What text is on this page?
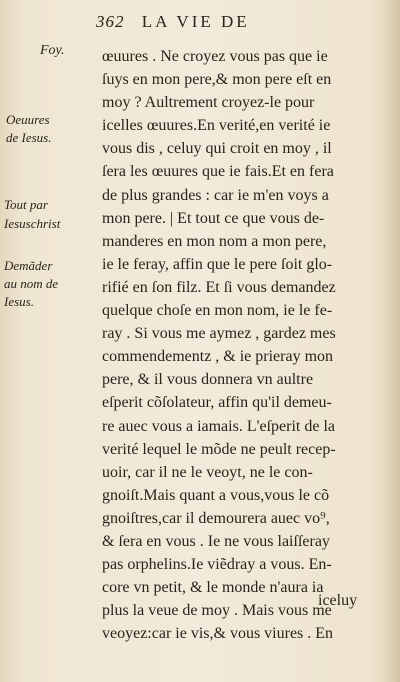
362 LA VIE DE
Foy.
Oeuures
de Iesus.
Tout par
Iesuschrist
Demãder
au nom de
Iesus.
œuures . Ne croyez vous pas que ie
ſuys en mon pere,& mon pere eſt en
moy ? Aultrement croyez-le pour
icelles œuures.En verité,en verité ie
vous dis , celuy qui croit en moy , il
ſera les œuures que ie fais.Et en fera
de plus grandes : car ie m'en voys a
mon pere. | Et tout ce que vous de-
manderes en mon nom a mon pere,
ie le feray, affin que le pere ſoit glo-
rifié en ſon filz. Et ſi vous demandez
quelque choſe en mon nom, ie le fe-
ray . Si vous me aymez , gardez mes
commendementz , & ie prieray mon
pere, & il vous donnera vn aultre
eſperit cõſolateur, affin qu'il demeu-
re auec vous a iamais. L'eſperit de la
verité lequel le mõde ne peult recep-
uoir, car il ne le veoyt, ne le con-
gnoiſt.Mais quant a vous,vous le cõ
gnoiſtres,car il demourera auec vo⁹,
& ſera en vous . Ie ne vous laiſſeray
pas orphelins.Ie viẽdray a vous. En-
core vn petit, & le monde n'aura ia
plus la veue de moy . Mais vous me
veoyez:car ie vis,& vous viures . En
iceluy
